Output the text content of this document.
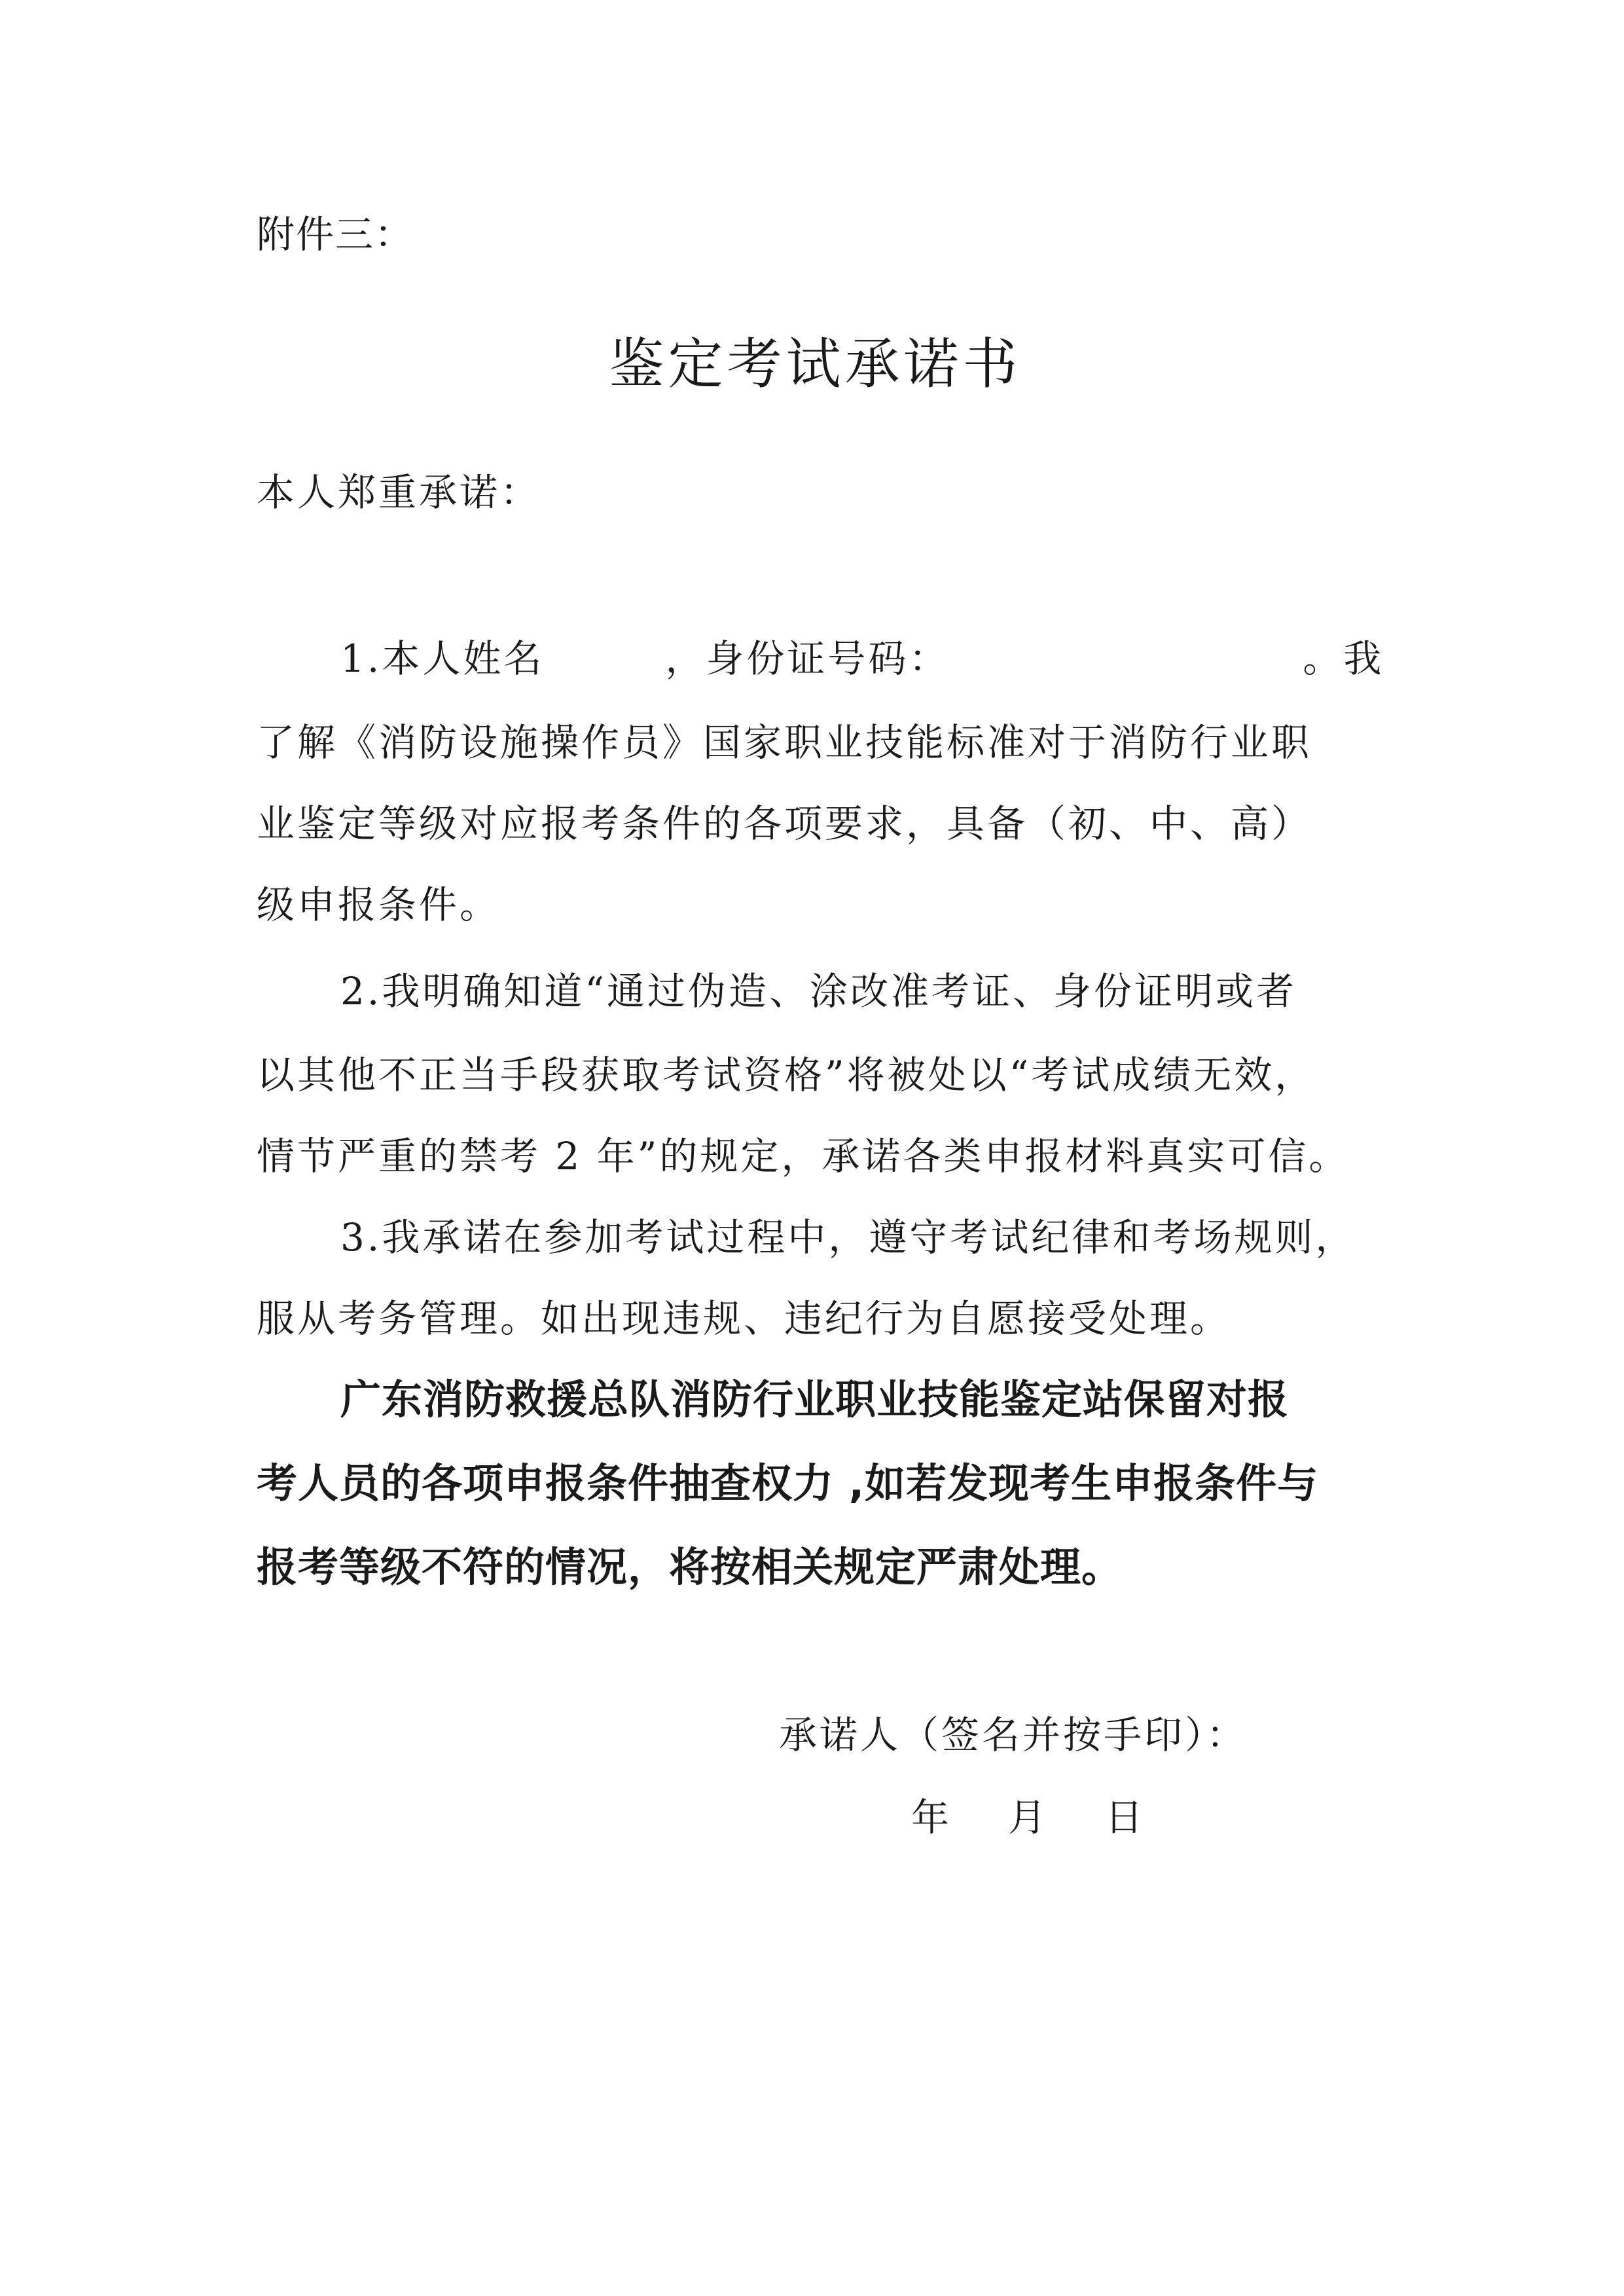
附件三：
鉴定考试承诺书
本人郑重承诺：
1.本人姓名	，身份证号码：	。我
了解《消防设施操作员》国家职业技能标准对于消防行业职
业鉴定等级对应报考条件的各项要求，具备（初、中、高）
级申报条件。
2.我明确知道“通过伪造、涂改准考证、身份证明或者
以其他不正当手段获取考试资格”将被处以“考试成绩无效，
情节严重的禁考 2 年”的规定，承诺各类申报材料真实可信。
3.我承诺在参加考试过程中，遵守考试纪律和考场规则，
服从考务管理。如出现违规、违纪行为自愿接受处理。
广东消防救援总队消防行业职业技能鉴定站保留对报
考人员的各项申报条件抽查权力 ,如若发现考生申报条件与
报考等级不符的情况，将按相关规定严肃处理。
承诺人（签名并按手印）：
年 月 日
